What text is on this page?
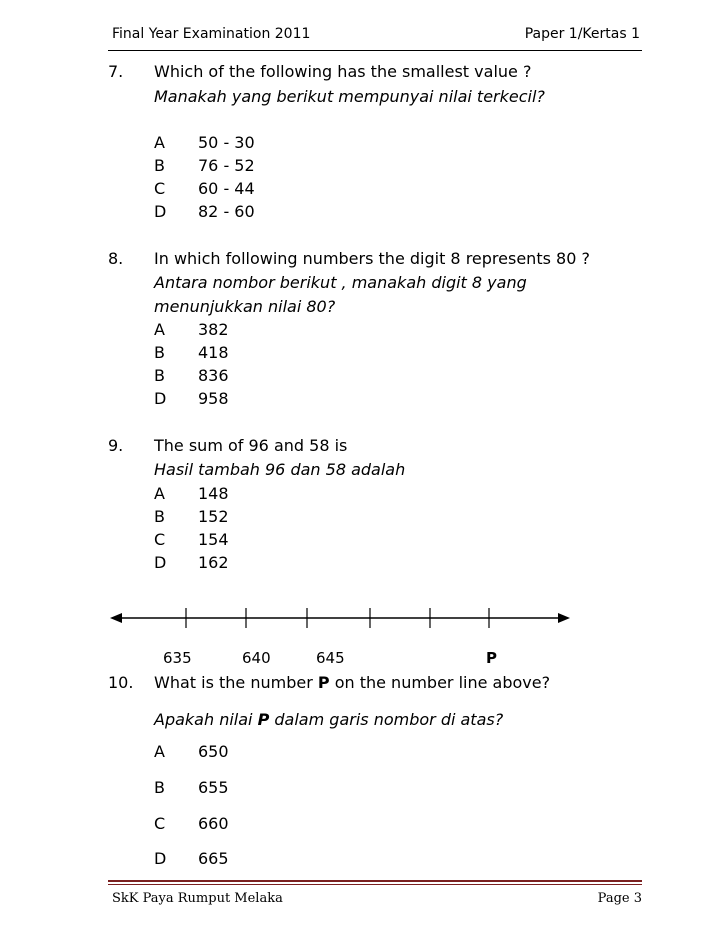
Final Year Examination 2011	Paper 1/Kertas 1
7. Which of the following has the smallest value ?
Manakah yang berikut mempunyai nilai terkecil?
A 50 - 30
B 76 - 52
C 60 - 44
D 82 - 60
8. In which following numbers the digit 8 represents 80 ?
Antara nombor berikut , manakah digit 8 yang
menunjukkan nilai 80?
A 382
B 418
B 836
D 958
9. The sum of 96 and 58 is
Hasil tambah 96 dan 58 adalah
A 148
B 152
C 154
D 162
635	640	645	P
10. What is the number P on the number line above?
Apakah nilai P dalam garis nombor di atas?
A 650
B 655
C 660
D 665
SkK Paya Rumput Melaka	Page 3
